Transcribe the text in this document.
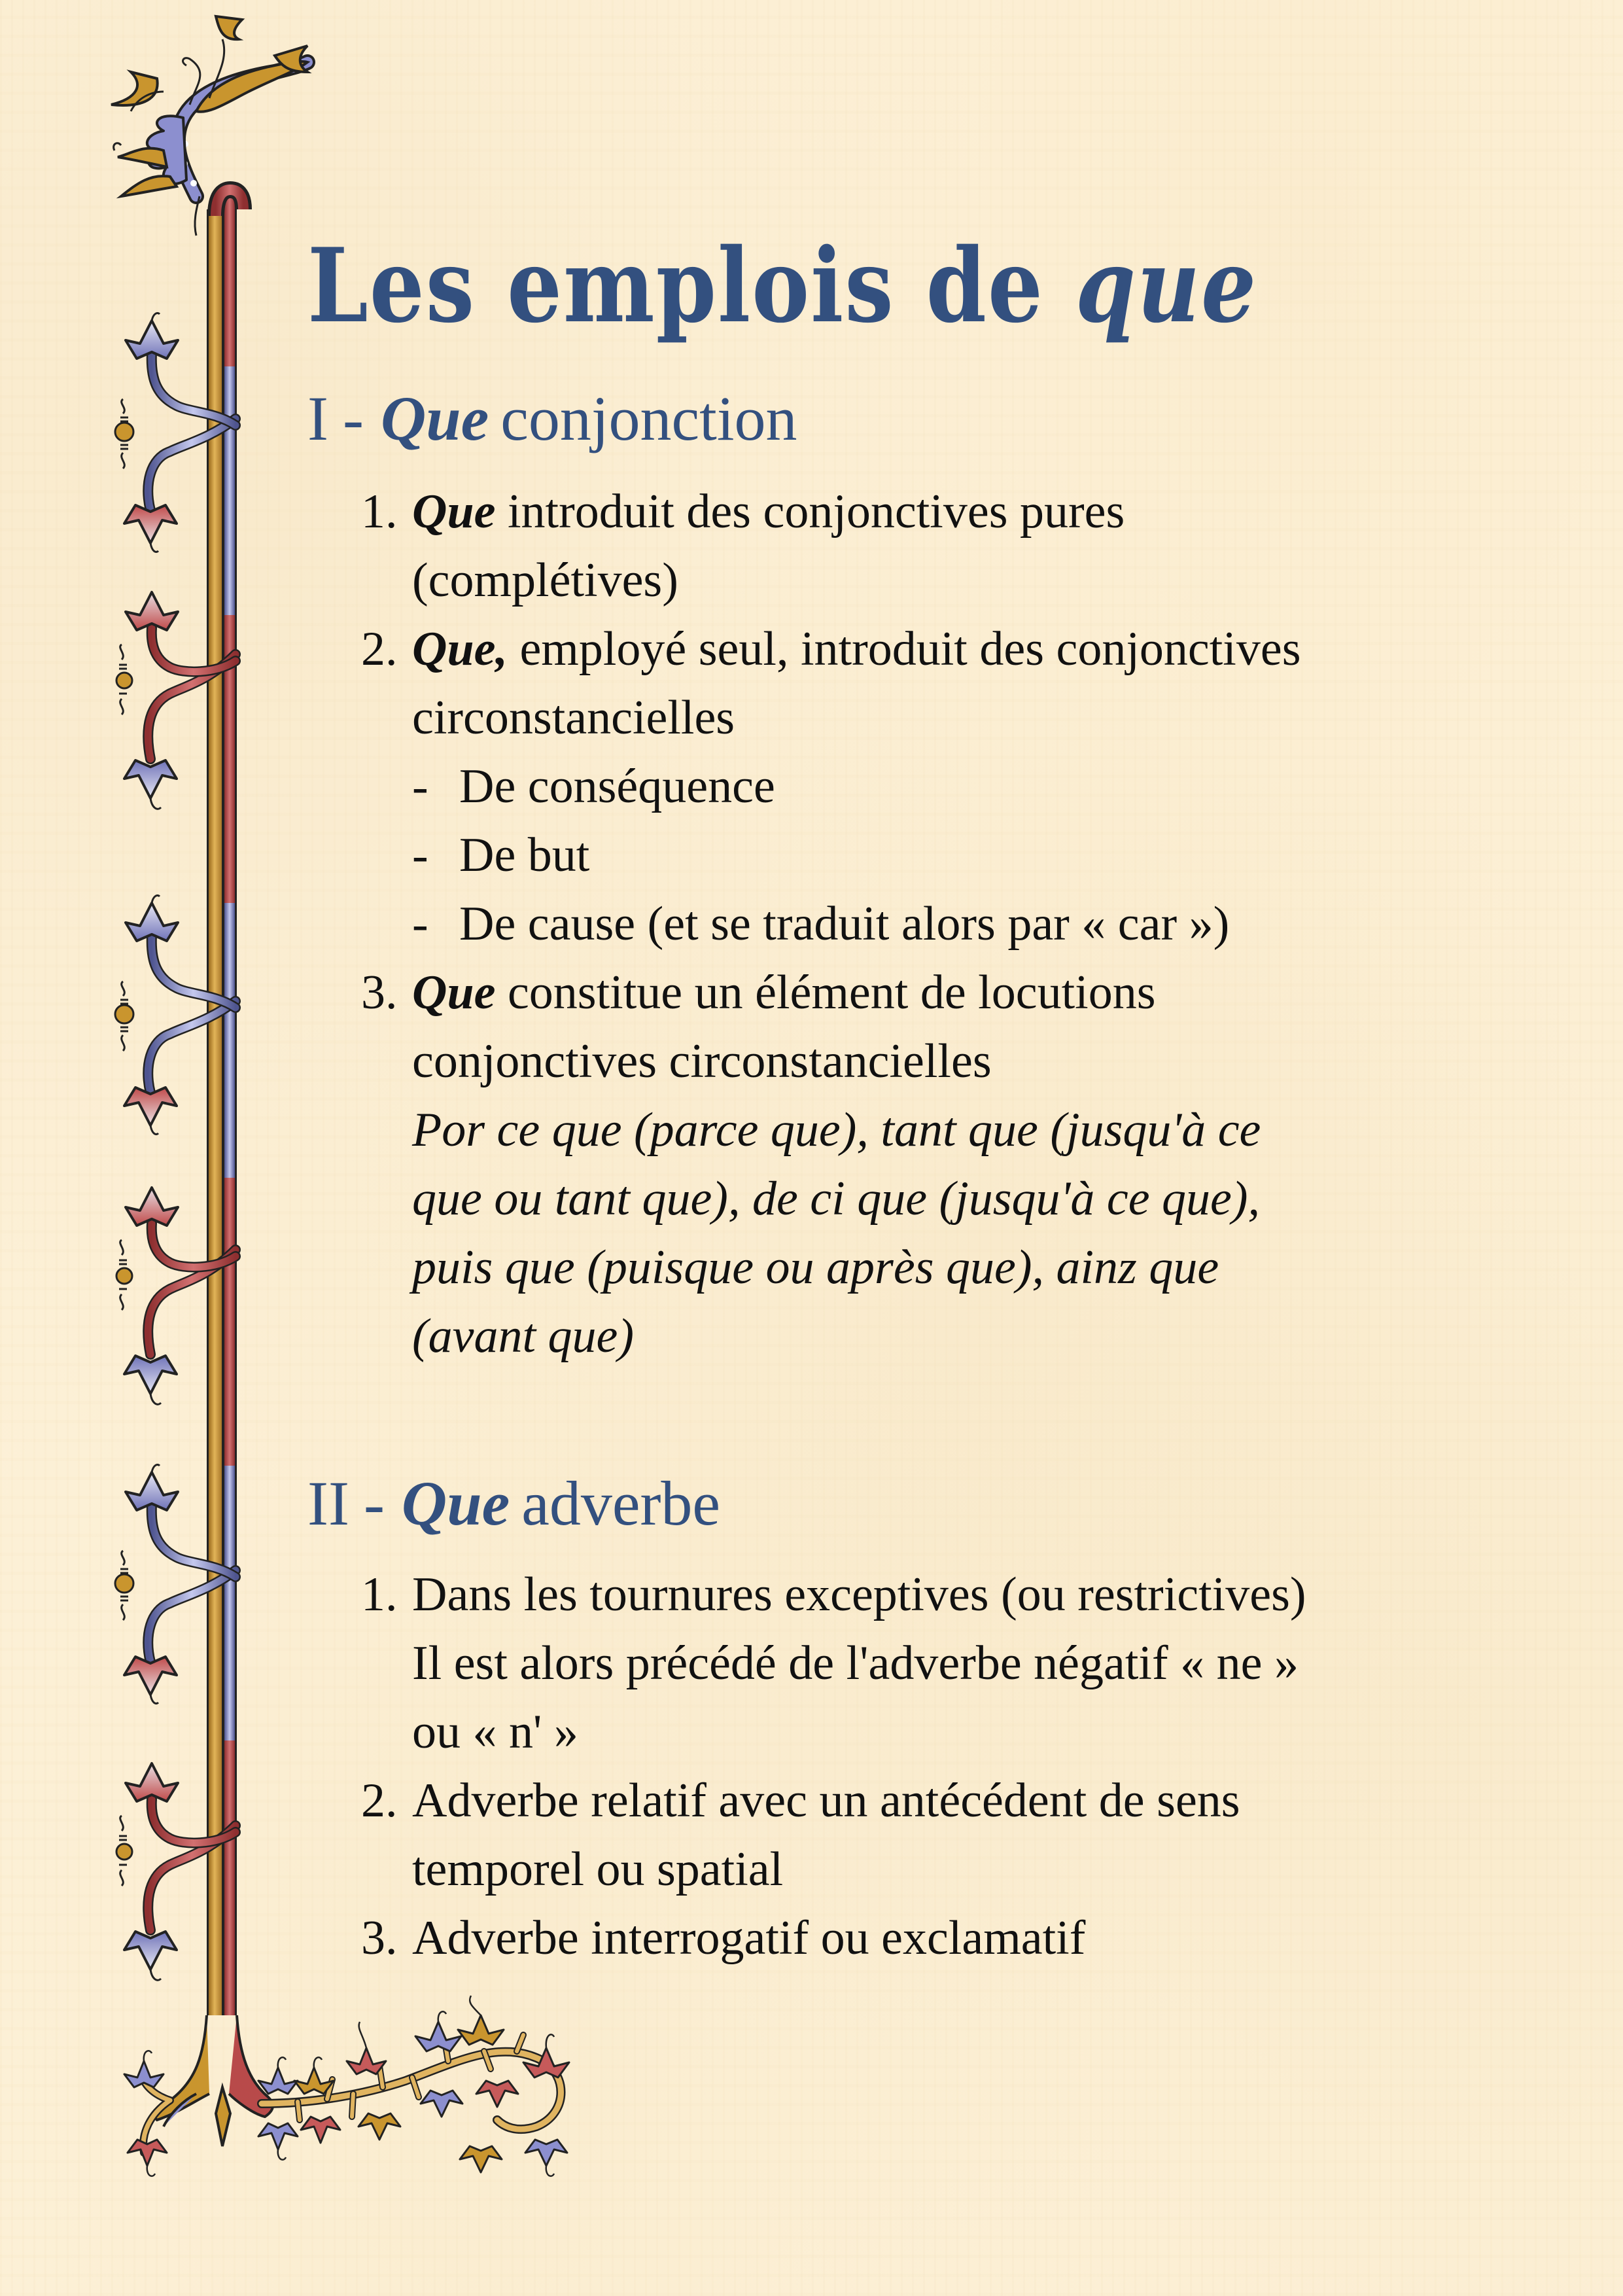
Les emplois de que
I - Que conjonction
1. Que introduit des conjonctives pures
(complétives)
2. Que, employé seul, introduit des conjonctives
circonstancielles
- De conséquence
- De but
- De cause (et se traduit alors par « car »)
3. Que constitue un élément de locutions
conjonctives circonstancielles
Por ce que (parce que), tant que (jusqu'à ce
que ou tant que), de ci que (jusqu'à ce que),
puis que (puisque ou après que), ainz que
(avant que)
II - Que adverbe
1. Dans les tournures exceptives (ou restrictives)
Il est alors précédé de l'adverbe négatif « ne »
ou « n' »
2. Adverbe relatif avec un antécédent de sens
temporel ou spatial
3. Adverbe interrogatif ou exclamatif
